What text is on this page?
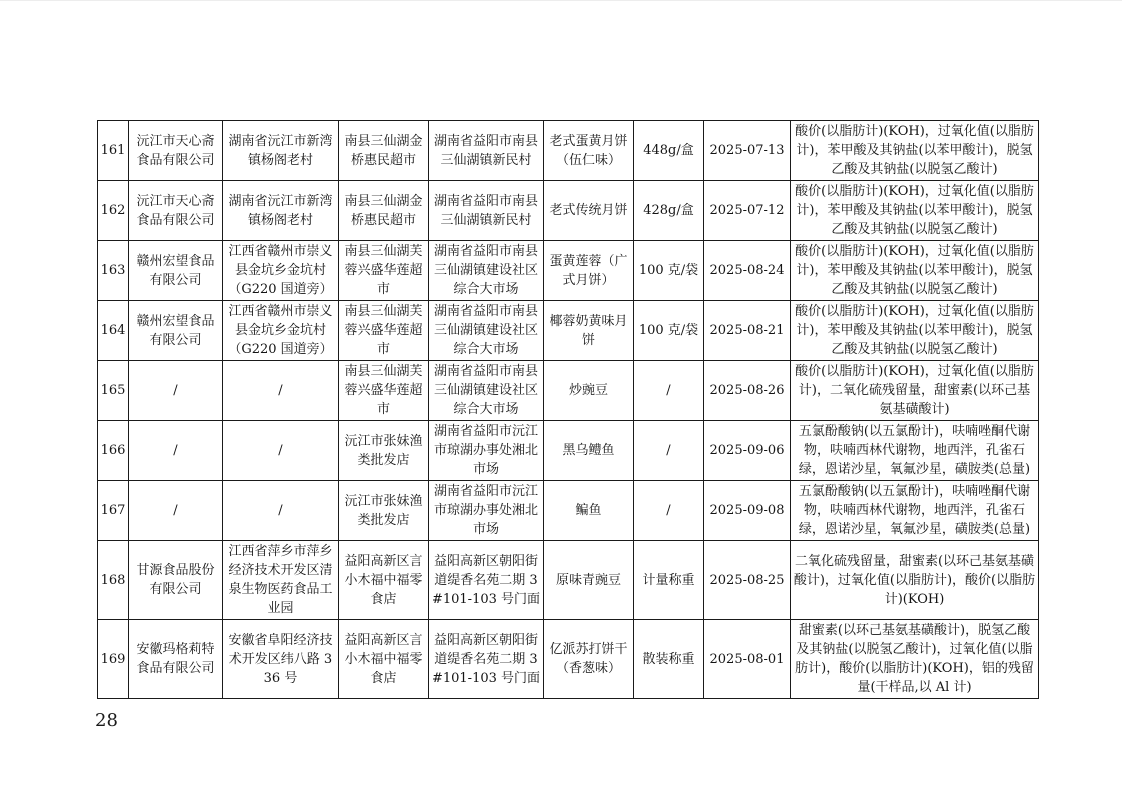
161	沅江市天心斋食品有限公司	湖南省沅江市新湾镇杨阁老村	南县三仙湖金桥惠民超市	湖南省益阳市南县三仙湖镇新民村	老式蛋黄月饼（伍仁味）	448g/盒	2025-07-13	酸价(以脂肪计)(KOH)，过氧化值(以脂肪计)，苯甲酸及其钠盐(以苯甲酸计)，脱氢乙酸及其钠盐(以脱氢乙酸计)
162	沅江市天心斋食品有限公司	湖南省沅江市新湾镇杨阁老村	南县三仙湖金桥惠民超市	湖南省益阳市南县三仙湖镇新民村	老式传统月饼	428g/盒	2025-07-12	酸价(以脂肪计)(KOH)，过氧化值(以脂肪计)，苯甲酸及其钠盐(以苯甲酸计)，脱氢乙酸及其钠盐(以脱氢乙酸计)
163	赣州宏望食品有限公司	江西省赣州市崇义县金坑乡金坑村（G220 国道旁）	南县三仙湖芙蓉兴盛华莲超市	湖南省益阳市南县三仙湖镇建设社区综合大市场	蛋黄莲蓉（广式月饼）	100 克/袋	2025-08-24	酸价(以脂肪计)(KOH)，过氧化值(以脂肪计)，苯甲酸及其钠盐(以苯甲酸计)，脱氢乙酸及其钠盐(以脱氢乙酸计)
164	赣州宏望食品有限公司	江西省赣州市崇义县金坑乡金坑村（G220 国道旁）	南县三仙湖芙蓉兴盛华莲超市	湖南省益阳市南县三仙湖镇建设社区综合大市场	椰蓉奶黄味月饼	100 克/袋	2025-08-21	酸价(以脂肪计)(KOH)，过氧化值(以脂肪计)，苯甲酸及其钠盐(以苯甲酸计)，脱氢乙酸及其钠盐(以脱氢乙酸计)
165	/	/	南县三仙湖芙蓉兴盛华莲超市	湖南省益阳市南县三仙湖镇建设社区综合大市场	炒豌豆	/	2025-08-26	酸价(以脂肪计)(KOH)，过氧化值(以脂肪计)，二氧化硫残留量，甜蜜素(以环己基氨基磺酸计)
166	/	/	沅江市张妹渔类批发店	湖南省益阳市沅江市琼湖办事处湘北市场	黑乌鳢鱼	/	2025-09-06	五氯酚酸钠(以五氯酚计)，呋喃唑酮代谢物，呋喃西林代谢物，地西泮，孔雀石绿，恩诺沙星，氧氟沙星，磺胺类(总量)
167	/	/	沅江市张妹渔类批发店	湖南省益阳市沅江市琼湖办事处湘北市场	鳊鱼	/	2025-09-08	五氯酚酸钠(以五氯酚计)，呋喃唑酮代谢物，呋喃西林代谢物，地西泮，孔雀石绿，恩诺沙星，氧氟沙星，磺胺类(总量)
168	甘源食品股份有限公司	江西省萍乡市萍乡经济技术开发区清泉生物医药食品工业园	益阳高新区言小木福中福零食店	益阳高新区朝阳街道缇香名苑二期 3#101-103 号门面	原味青豌豆	计量称重	2025-08-25	二氧化硫残留量，甜蜜素(以环己基氨基磺酸计)，过氧化值(以脂肪计)，酸价(以脂肪计)(KOH)
169	安徽玛格莉特食品有限公司	安徽省阜阳经济技术开发区纬八路 336 号	益阳高新区言小木福中福零食店	益阳高新区朝阳街道缇香名苑二期 3#101-103 号门面	亿派苏打饼干（香葱味）	散装称重	2025-08-01	甜蜜素(以环己基氨基磺酸计)，脱氢乙酸及其钠盐(以脱氢乙酸计)，过氧化值(以脂肪计)，酸价(以脂肪计)(KOH)，铝的残留量(干样品,以 Al 计)
28
